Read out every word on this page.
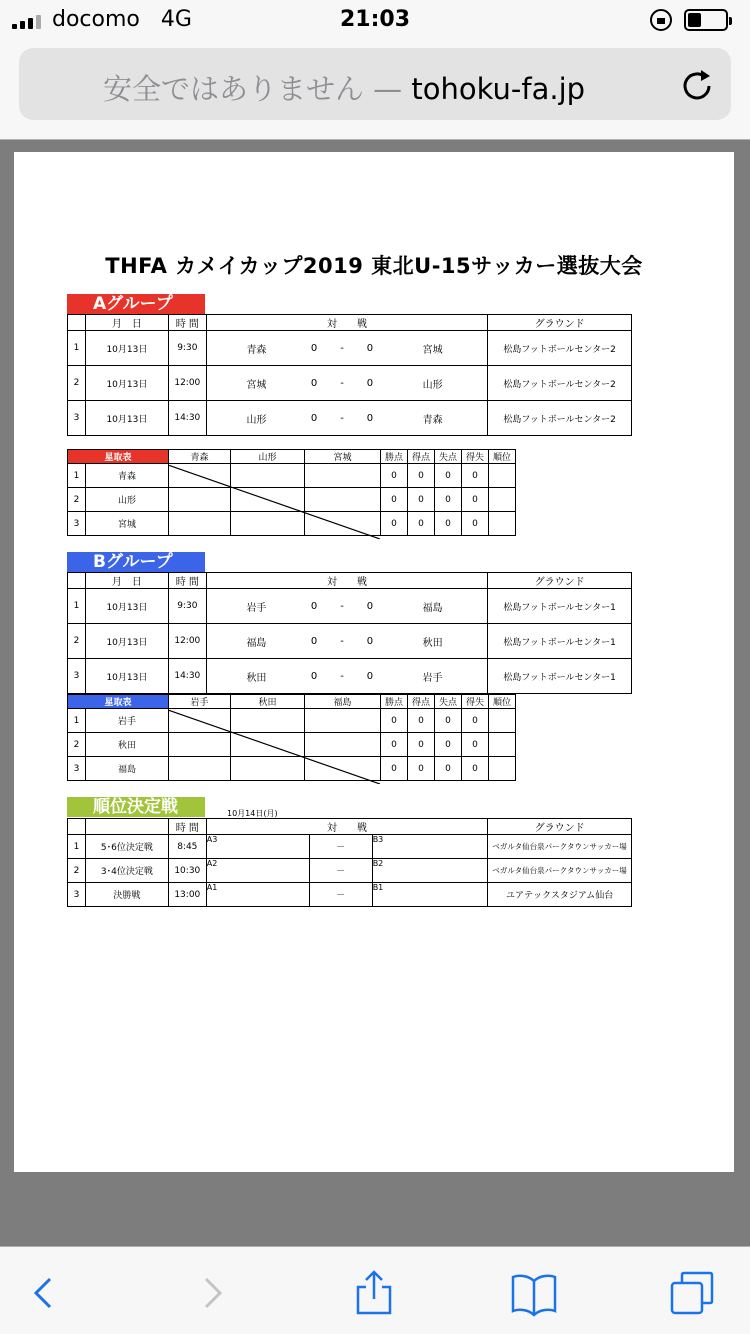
docomo 4G	21:03
安全ではありません — tohoku-fa.jp
THFA カメイカップ2019 東北U-15サッカー選抜大会
Aグループ
	月　日	時 間	対　　戦					グラウンド
1	10月13日	9:30	青森	0	-	0	宮城	松島フットボールセンター2
2	10月13日	12:00	宮城	0	-	0	山形	松島フットボールセンター2
3	10月13日	14:30	山形	0	-	0	青森	松島フットボールセンター2
星取表		青森	山形	宮城	勝点	得点	失点	得失	順位
1	青森				0	0	0	0	
2	山形				0	0	0	0	
3	宮城				0	0	0	0	
Bグループ
	月　日	時 間	対　　戦					グラウンド
1	10月13日	9:30	岩手	0	-	0	福島	松島フットボールセンター1
2	10月13日	12:00	福島	0	-	0	秋田	松島フットボールセンター1
3	10月13日	14:30	秋田	0	-	0	岩手	松島フットボールセンター1
星取表		岩手	秋田	福島	勝点	得点	失点	得失	順位
1	岩手				0	0	0	0	
2	秋田				0	0	0	0	
3	福島				0	0	0	0	
順位決定戦	10月14日(月)
		時 間	対　　戦			グラウンド
1	5･6位決定戦	8:45	A3	－	B3	ベガルタ仙台泉パークタウンサッカー場
2	3･4位決定戦	10:30	A2	－	B2	ベガルタ仙台泉パークタウンサッカー場
3	決勝戦	13:00	A1	－	B1	ユアテックスタジアム仙台
